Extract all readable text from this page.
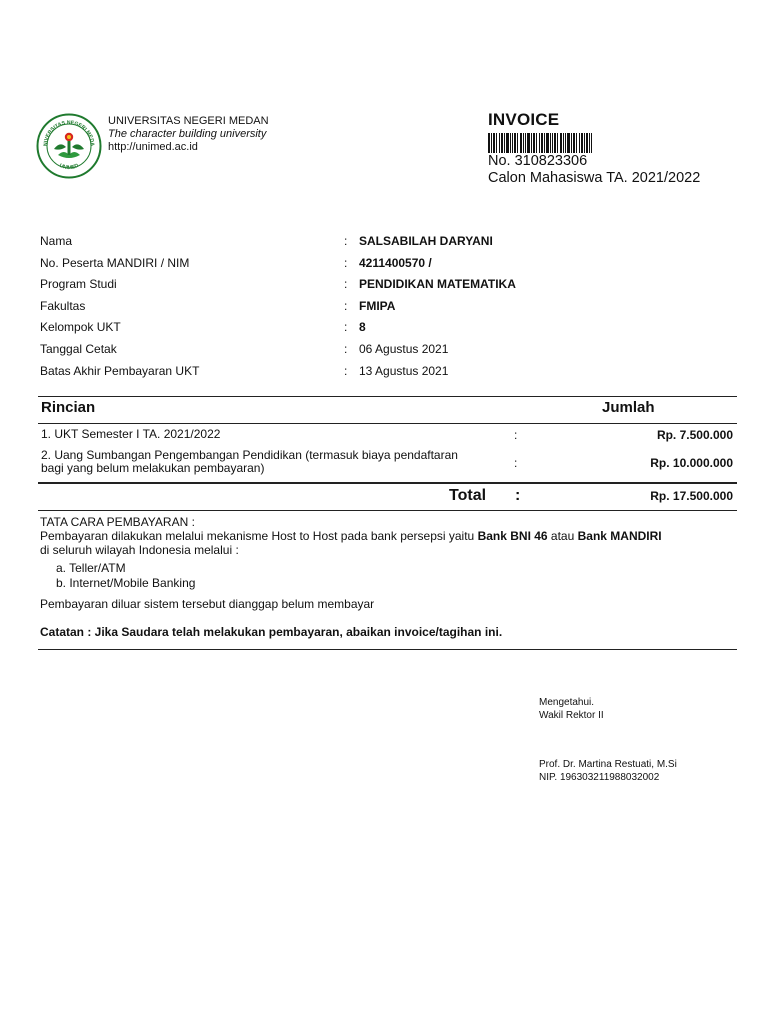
NIVERSITAS NEGERI MEDA
UNIMED
UNIVERSITAS NEGERI MEDAN
The character building university
http://unimed.ac.id
INVOICE
No. 310823306
Calon Mahasiswa TA. 2021/2022
Nama	: SALSABILAH DARYANI
No. Peserta MANDIRI / NIM	: 4211400570 /
Program Studi	: PENDIDIKAN MATEMATIKA
Fakultas	: FMIPA
Kelompok UKT	: 8
Tanggal Cetak	: 06 Agustus 2021
Batas Akhir Pembayaran UKT	: 13 Agustus 2021
Rincian	Jumlah
1. UKT Semester I TA. 2021/2022	:	Rp. 7.500.000
2. Uang Sumbangan Pengembangan Pendidikan (termasuk biaya pendaftaran
bagi yang belum melakukan pembayaran)	:	Rp. 10.000.000
Total :	Rp. 17.500.000
TATA CARA PEMBAYARAN :
Pembayaran dilakukan melalui mekanisme Host to Host pada bank persepsi yaitu Bank BNI 46 atau Bank MANDIRI
di seluruh wilayah Indonesia melalui :
a. Teller/ATM
b. Internet/Mobile Banking
Pembayaran diluar sistem tersebut dianggap belum membayar
Catatan : Jika Saudara telah melakukan pembayaran, abaikan invoice/tagihan ini.
Mengetahui.
Wakil Rektor II
Prof. Dr. Martina Restuati, M.Si
NIP. 196303211988032002
